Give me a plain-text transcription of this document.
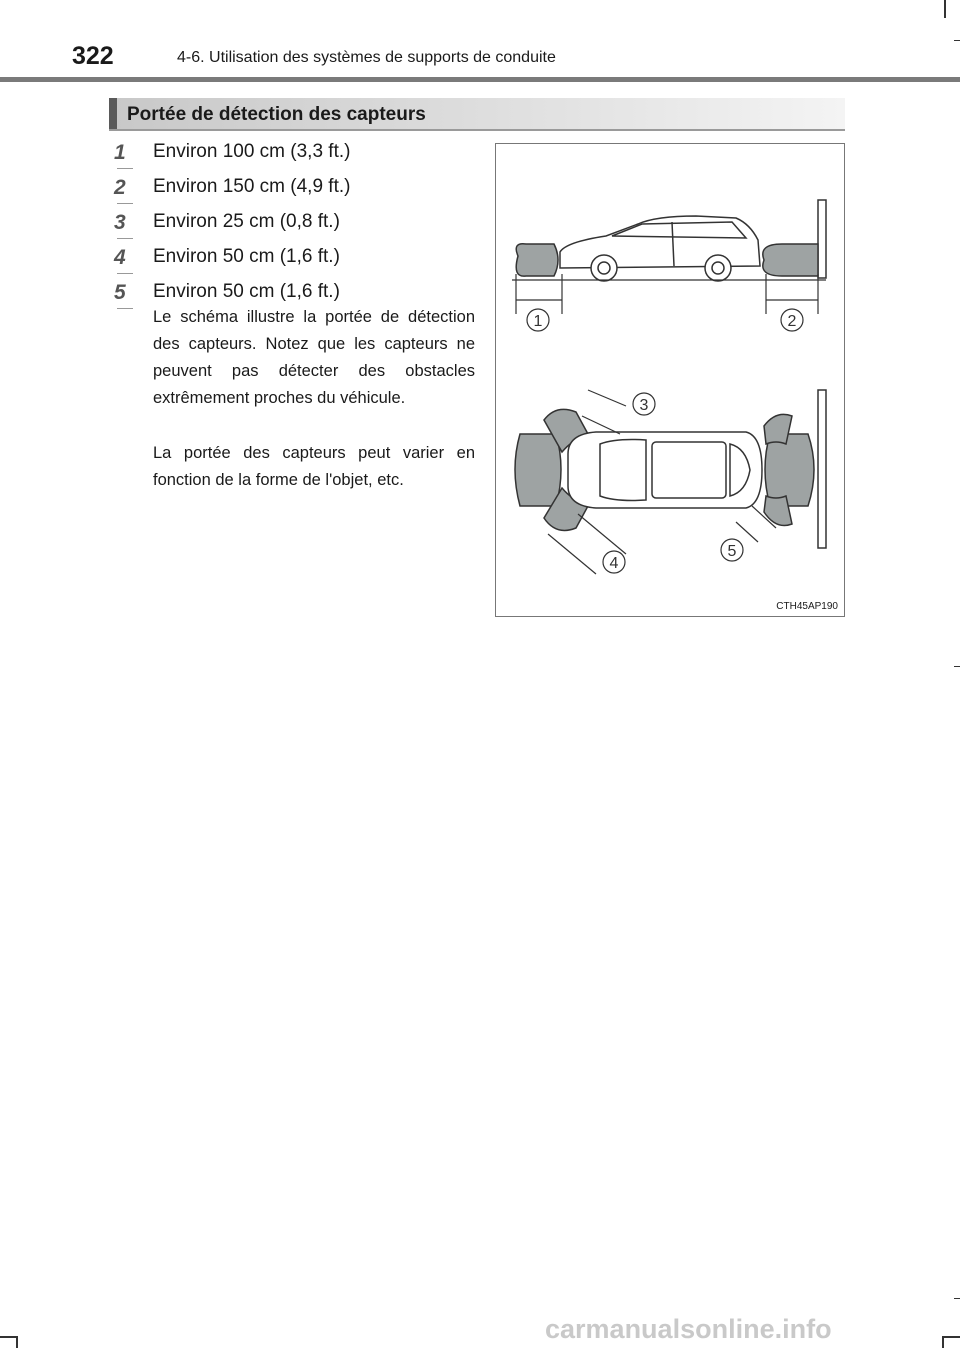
322	4-6. Utilisation des systèmes de supports de conduite
Portée de détection des capteurs
1 Environ 100 cm (3,3 ft.)
2 Environ 150 cm (4,9 ft.)
3 Environ 25 cm (0,8 ft.)
4 Environ 50 cm (1,6 ft.)
5 Environ 50 cm (1,6 ft.)

Le schéma illustre la portée de détection des capteurs. Notez que les capteurs ne peuvent pas détecter des obstacles extrêmement proches du véhicule.

La portée des capteurs peut varier en fonction de la forme de l'objet, etc.

1	2
3
4
5
CTH45AP190
carmanualsonline.info
